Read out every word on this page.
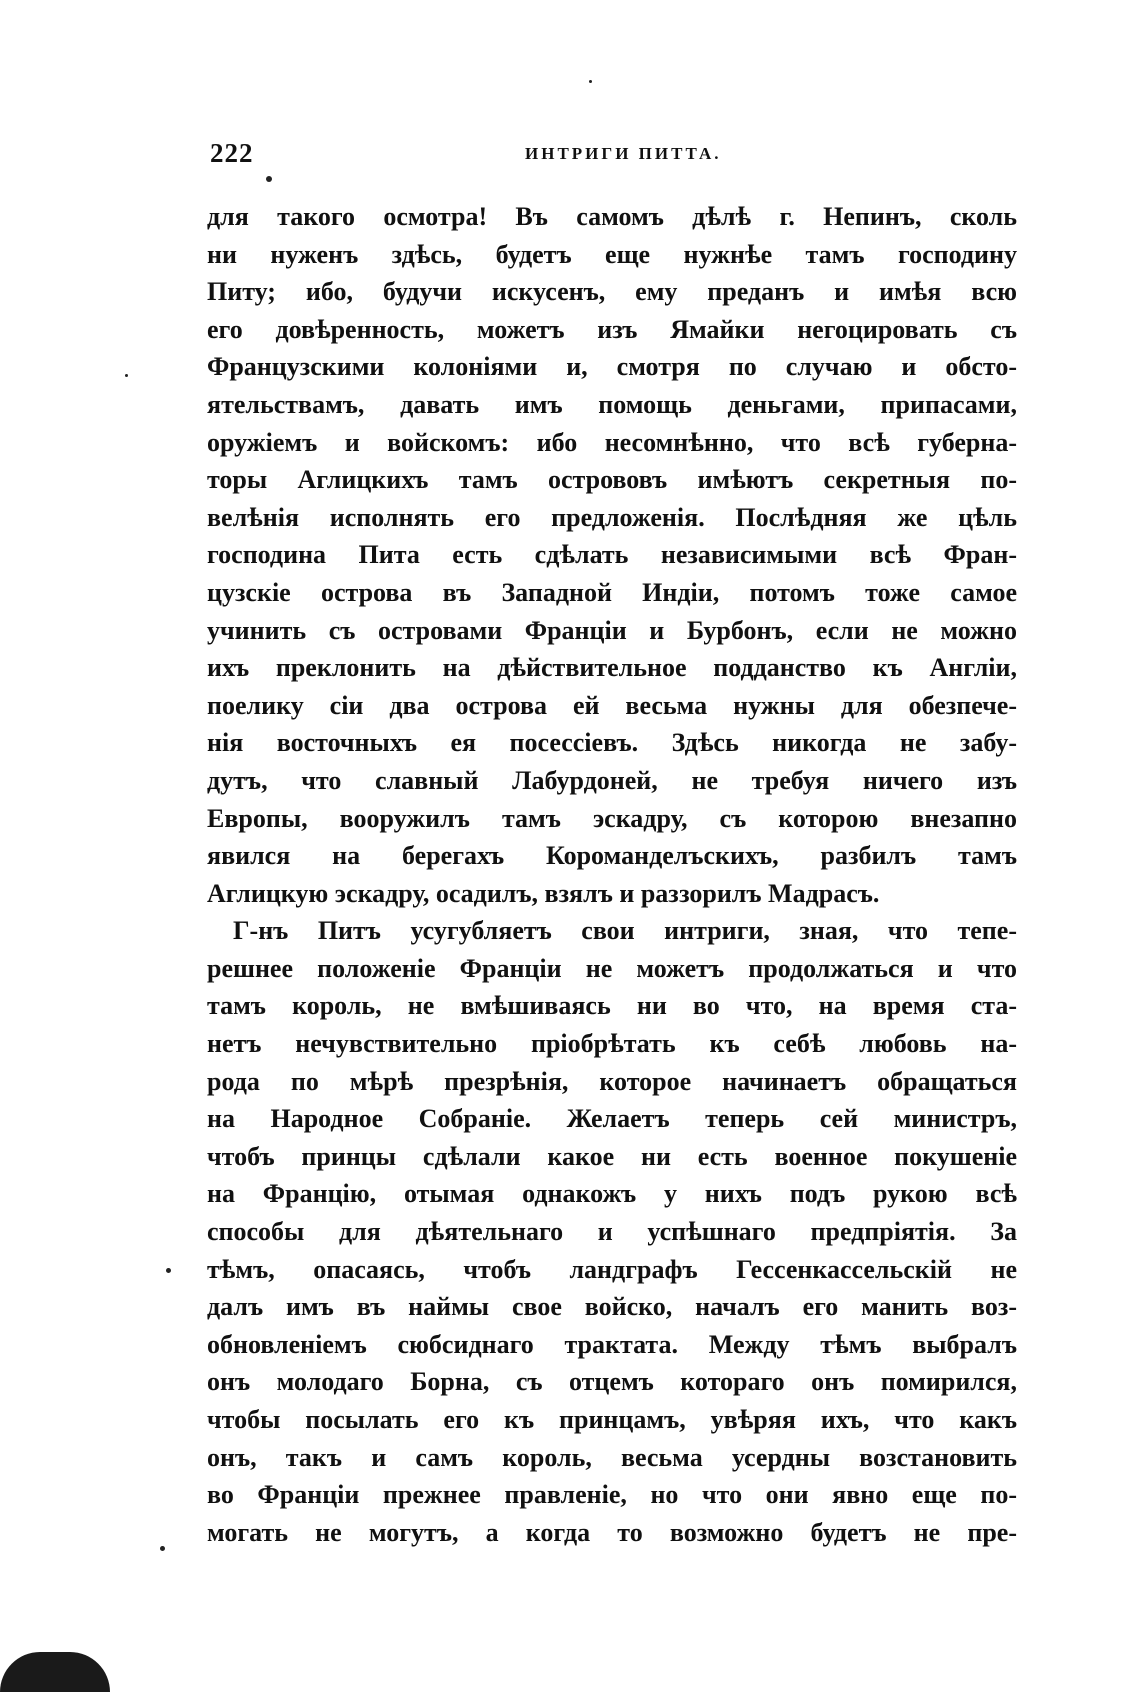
222	ИНТРИГИ ПИТТА.
для такого осмотра! Въ самомъ дѣлѣ г. Непинъ, сколь
ни нуженъ здѣсь, будетъ еще нужнѣе тамъ господину
Питу; ибо, будучи искусенъ, ему преданъ и имѣя всю
его довѣренность, можетъ изъ Ямайки негоцировать съ
Французскими колоніями и, смотря по случаю и обсто-
ятельствамъ, давать имъ помощь деньгами, припасами,
оружіемъ и войскомъ: ибо несомнѣнно, что всѣ губерна-
торы Аглицкихъ тамъ острововъ имѣютъ секретныя по-
велѣнія исполнять его предложенія. Послѣдняя же цѣль
господина Пита есть сдѣлать независимыми всѣ Фран-
цузскіе острова въ Западной Индіи, потомъ тоже самое
учинить съ островами Франціи и Бурбонъ, если не можно
ихъ преклонить на дѣйствительное подданство къ Англіи,
поелику сіи два острова ей весьма нужны для обезпече-
нія восточныхъ ея посессіевъ. Здѣсь никогда не забу-
дутъ, что славный Лабурдоней, не требуя ничего изъ
Европы, вооружилъ тамъ эскадру, съ которою внезапно
явился на берегахъ Короманделъскихъ, разбилъ тамъ
Аглицкую эскадру, осадилъ, взялъ и раззорилъ Мадрасъ.
Г-нъ Питъ усугубляетъ свои интриги, зная, что тепе-
решнее положеніе Франціи не можетъ продолжаться и что
тамъ король, не вмѣшиваясь ни во что, на время ста-
нетъ нечувствительно пріобрѣтать къ себѣ любовь на-
рода по мѣрѣ презрѣнія, которое начинаетъ обращаться
на Народное Собраніе. Желаетъ теперь сей министръ,
чтобъ принцы сдѣлали какое ни есть военное покушеніе
на Францію, отымая однакожъ у нихъ подъ рукою всѣ
способы для дѣятельнаго и успѣшнаго предпріятія. За
тѣмъ, опасаясь, чтобъ ландграфъ Гессенкассельскій не
далъ имъ въ наймы свое войско, началъ его манить воз-
обновленіемъ сюбсиднаго трактата. Между тѣмъ выбралъ
онъ молодаго Борна, съ отцемъ котораго онъ помирился,
чтобы посылать его къ принцамъ, увѣряя ихъ, что какъ
онъ, такъ и самъ король, весьма усердны возстановить
во Франціи прежнее правленіе, но что они явно еще по-
могать не могутъ, а когда то возможно будетъ не пре-
